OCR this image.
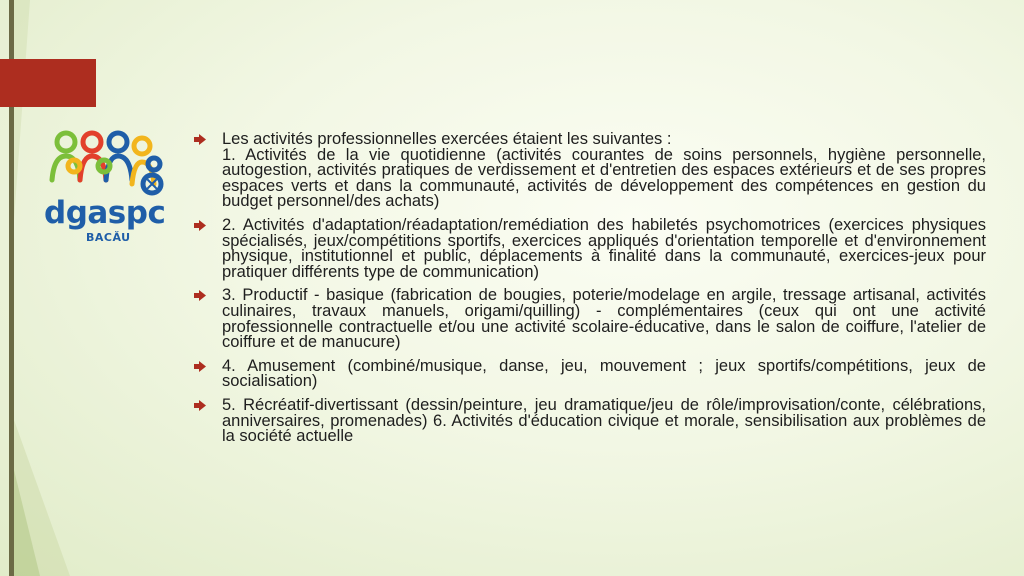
dgaspc
BACĂU
Les activités professionnelles exercées étaient les suivantes :
1. Activités de la vie quotidienne (activités courantes de soins personnels, hygiène personnelle, autogestion, activités pratiques de verdissement et d'entretien des espaces extérieurs et de ses propres espaces verts et dans la communauté, activités de développement des compétences en gestion du budget personnel/des achats)
2. Activités d'adaptation/réadaptation/remédiation des habiletés psychomotrices (exercices physiques spécialisés, jeux/compétitions sportifs, exercices appliqués d'orientation temporelle et d'environnement physique, institutionnel et public, déplacements à finalité dans la communauté, exercices-jeux pour pratiquer différents type de communication)
3. Productif - basique (fabrication de bougies, poterie/modelage en argile, tressage artisanal, activités culinaires, travaux manuels, origami/quilling) - complémentaires (ceux qui ont une activité professionnelle contractuelle et/ou une activité scolaire-éducative, dans le salon de coiffure, l'atelier de coiffure et de manucure)
4. Amusement (combiné/musique, danse, jeu, mouvement ; jeux sportifs/compétitions, jeux de socialisation)
5. Récréatif-divertissant (dessin/peinture, jeu dramatique/jeu de rôle/improvisation/conte, célébrations, anniversaires, promenades) 6. Activités d'éducation civique et morale, sensibilisation aux problèmes de la société actuelle
